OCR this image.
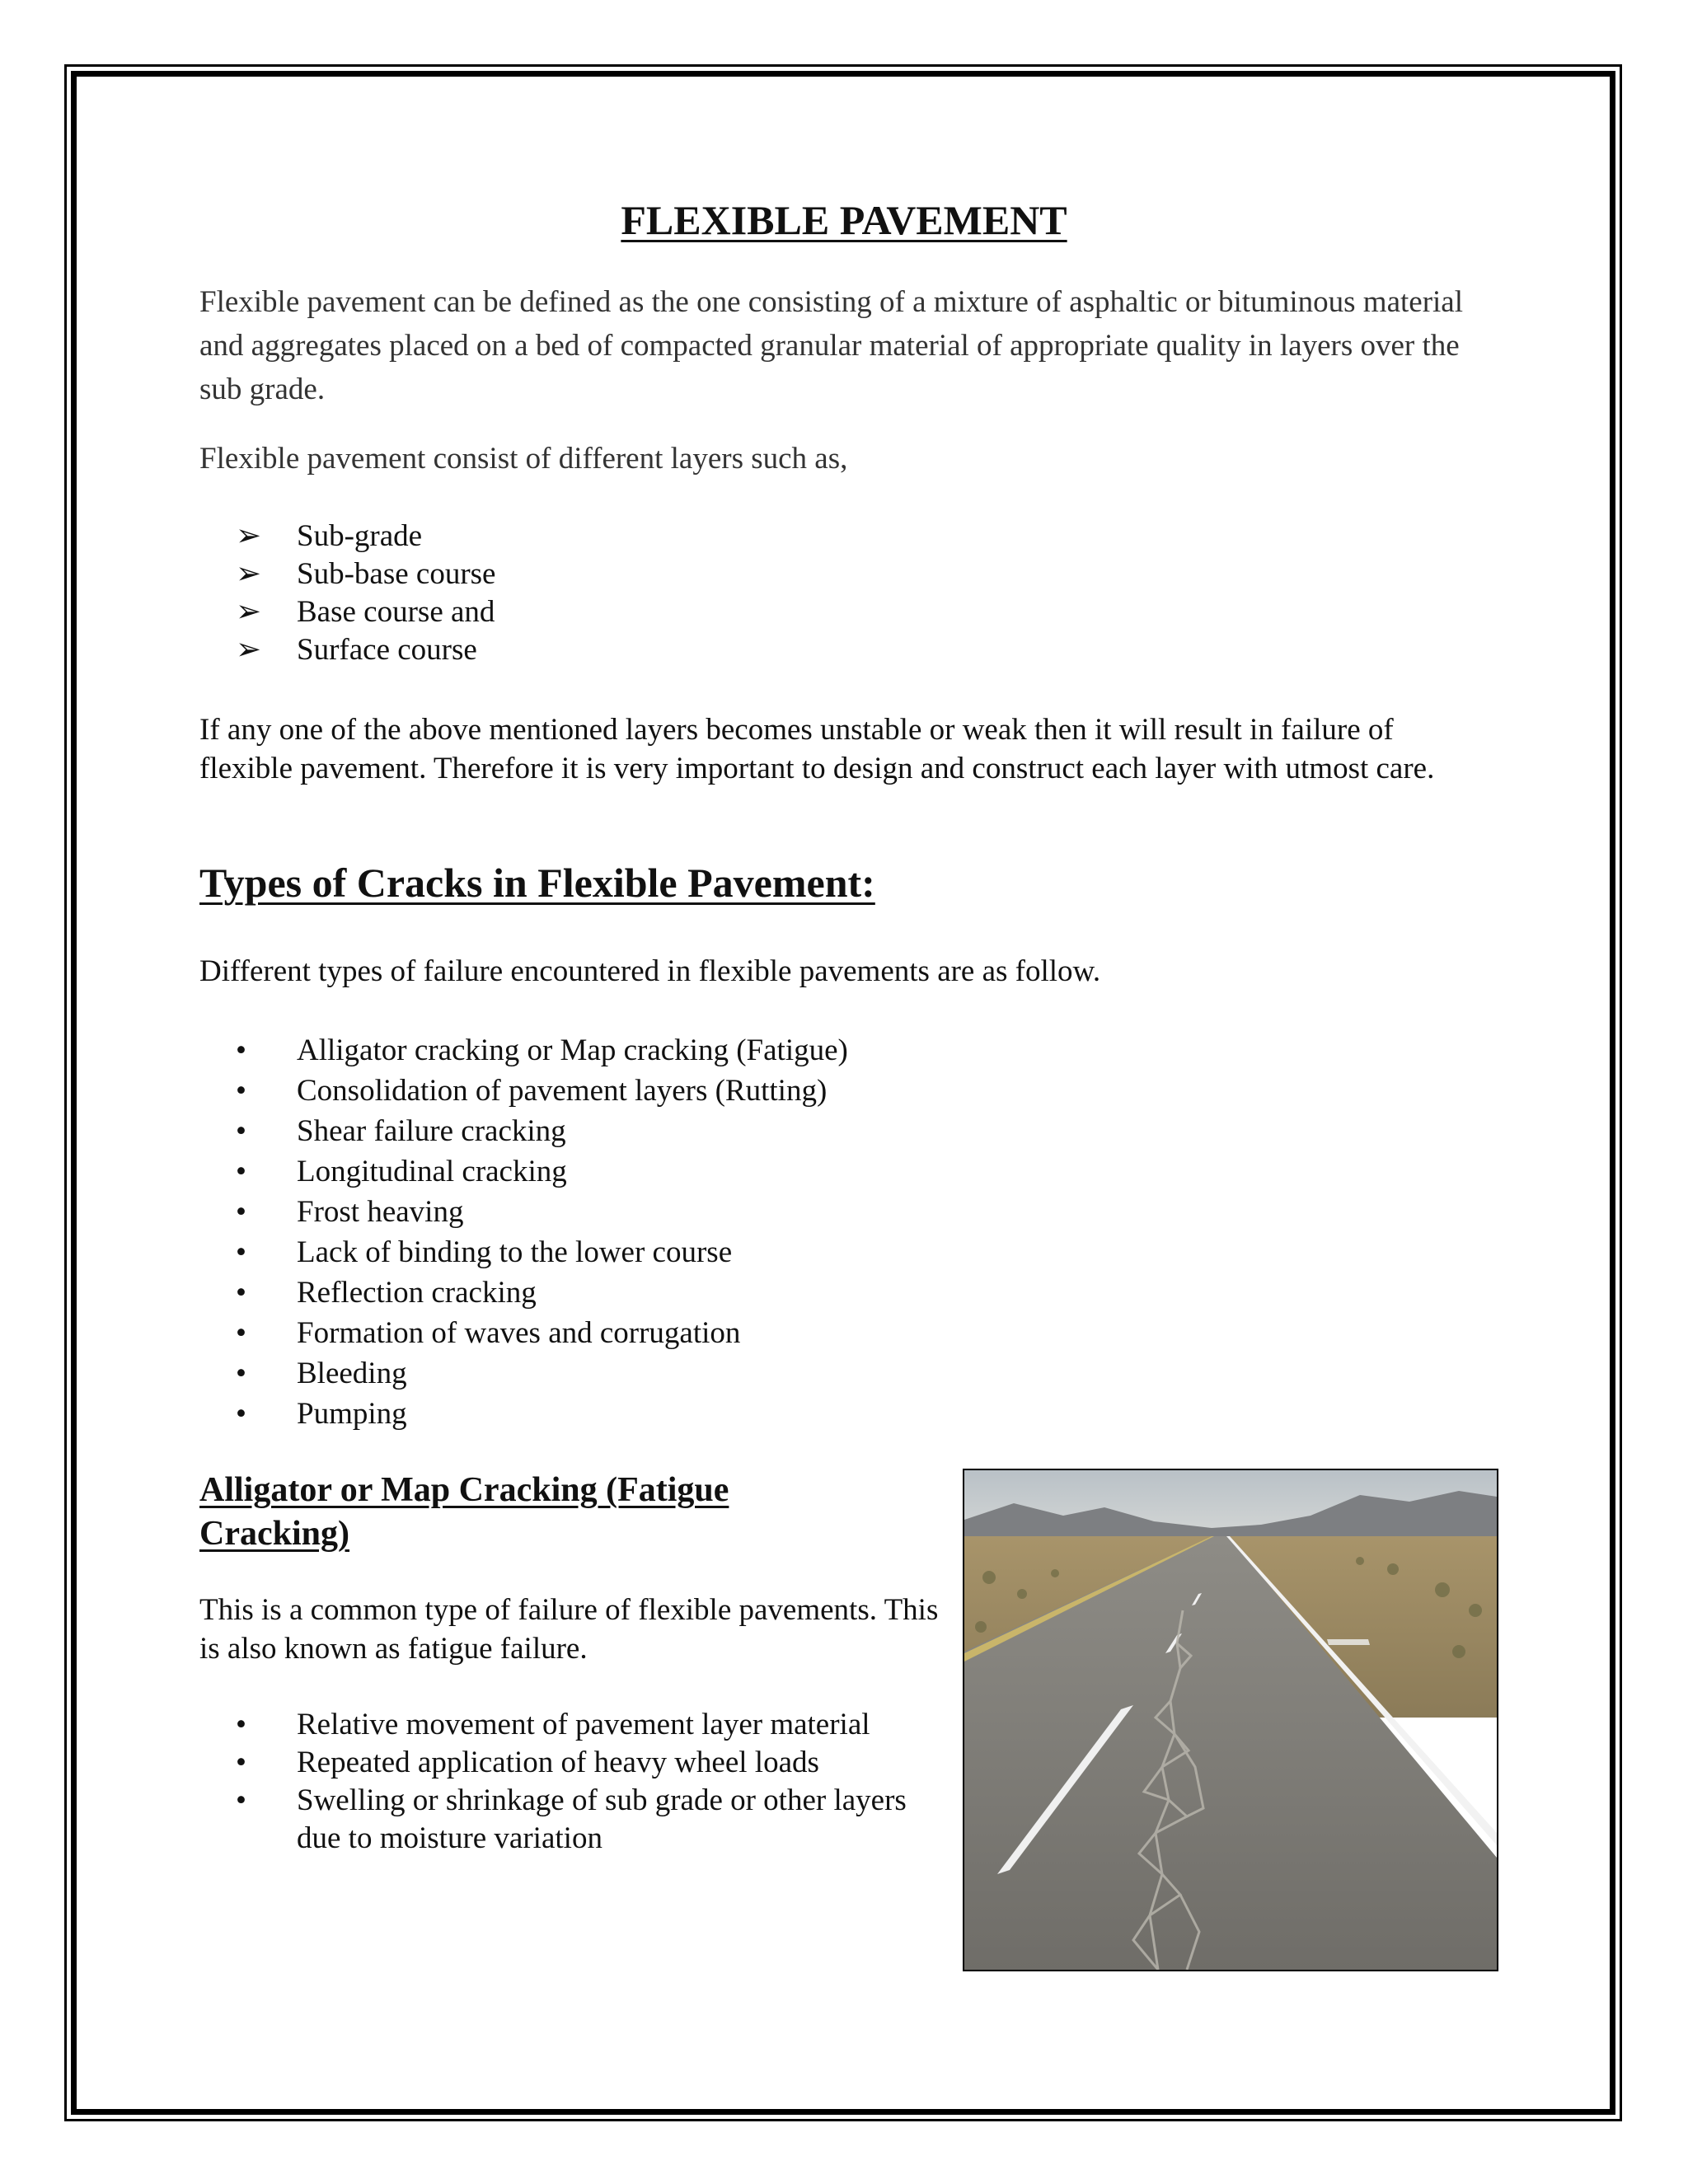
FLEXIBLE PAVEMENT
Flexible pavement can be defined as the one consisting of a mixture of asphaltic or bituminous material and aggregates placed on a bed of compacted granular material of appropriate quality in layers over the sub grade.
Flexible pavement consist of different layers such as,
➢ Sub-grade
➢ Sub-base course
➢ Base course and
➢ Surface course
If any one of the above mentioned layers becomes unstable or weak then it will result in failure of flexible pavement. Therefore it is very important to design and construct each layer with utmost care.
Types of Cracks in Flexible Pavement:
Different types of failure encountered in flexible pavements are as follow.
• Alligator cracking or Map cracking (Fatigue)
• Consolidation of pavement layers (Rutting)
• Shear failure cracking
• Longitudinal cracking
• Frost heaving
• Lack of binding to the lower course
• Reflection cracking
• Formation of waves and corrugation
• Bleeding
• Pumping
Alligator or Map Cracking (Fatigue Cracking)
This is a common type of failure of flexible pavements. This is also known as fatigue failure.
• Relative movement of pavement layer material
• Repeated application of heavy wheel loads
• Swelling or shrinkage of sub grade or other layers due to moisture variation
